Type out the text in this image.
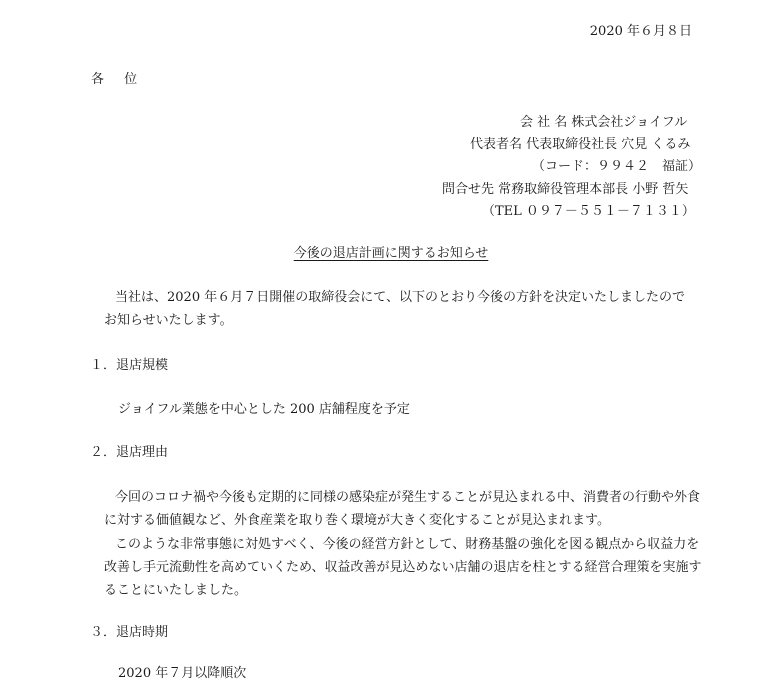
2020 年６月８日
各 位
会 社 名 株式会社ジョイフル
代表者名 代表取締役社長 穴見 くるみ
（コード：９９４２　福証）
問合せ先 常務取締役管理本部長 小野 哲矢
（TEL ０９７－５５１－７１３１）
今後の退店計画に関するお知らせ
当社は、2020 年６月７日開催の取締役会にて、以下のとおり今後の方針を決定いたしましたので
お知らせいたします。
１．退店規模
ジョイフル業態を中心とした 200 店舗程度を予定
２．退店理由
今回のコロナ禍や今後も定期的に同様の感染症が発生することが見込まれる中、消費者の行動や外食
に対する価値観など、外食産業を取り巻く環境が大きく変化することが見込まれます。
このような非常事態に対処すべく、今後の経営方針として、財務基盤の強化を図る観点から収益力を
改善し手元流動性を高めていくため、収益改善が見込めない店舗の退店を柱とする経営合理策を実施す
ることにいたしました。
３．退店時期
2020 年７月以降順次
